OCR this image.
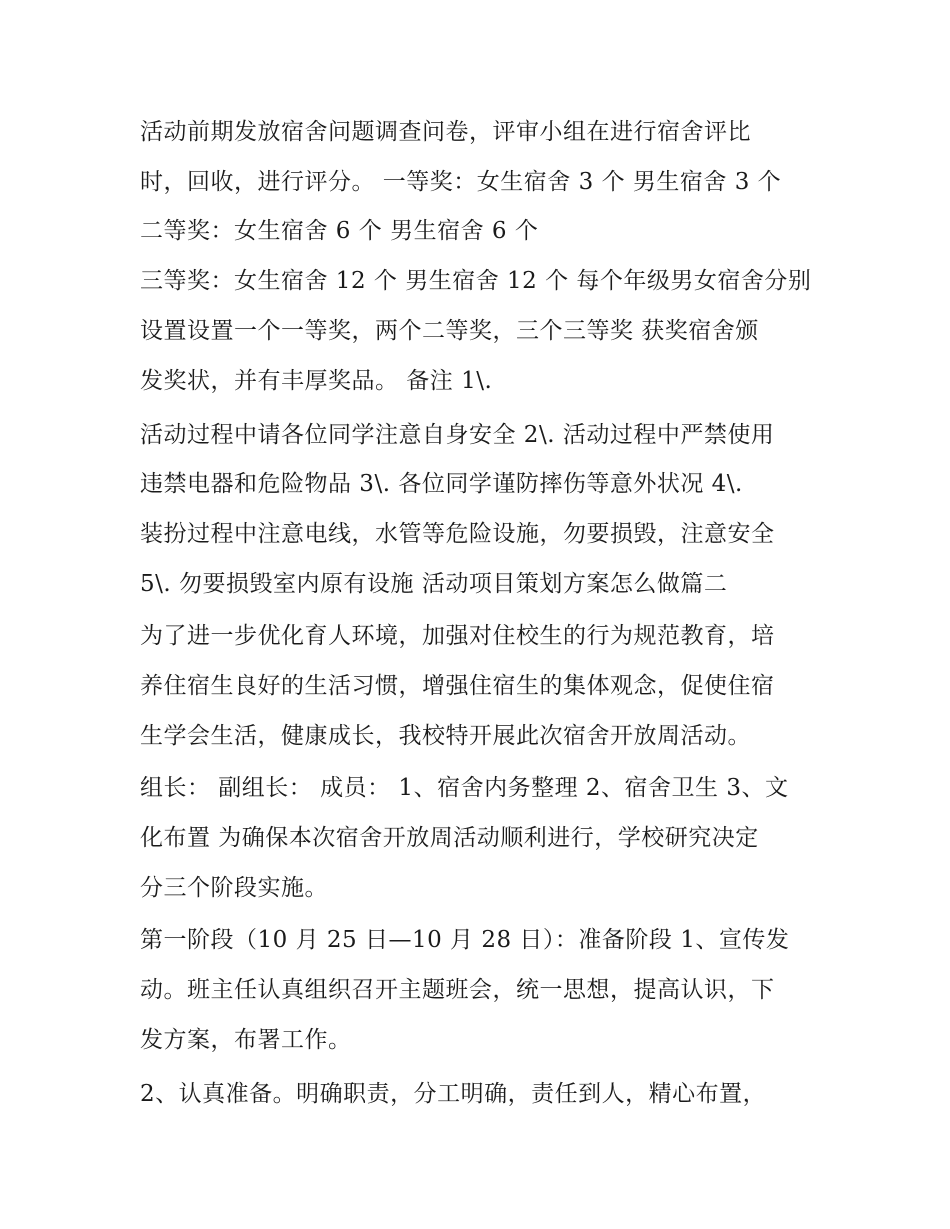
活动前期发放宿舍问题调查问卷，评审小组在进行宿舍评比
时，回收，进行评分。 一等奖：女生宿舍 3 个 男生宿舍 3 个
二等奖：女生宿舍 6 个 男生宿舍 6 个
三等奖：女生宿舍 12 个 男生宿舍 12 个 每个年级男女宿舍分别
设置设置一个一等奖，两个二等奖，三个三等奖 获奖宿舍颁
发奖状，并有丰厚奖品。 备注 1\.
活动过程中请各位同学注意自身安全 2\. 活动过程中严禁使用
违禁电器和危险物品 3\. 各位同学谨防摔伤等意外状况 4\.
装扮过程中注意电线，水管等危险设施，勿要损毁，注意安全
5\. 勿要损毁室内原有设施 活动项目策划方案怎么做篇二
为了进一步优化育人环境，加强对住校生的行为规范教育，培
养住宿生良好的生活习惯，增强住宿生的集体观念，促使住宿
生学会生活，健康成长，我校特开展此次宿舍开放周活动。
组长： 副组长： 成员： 1、宿舍内务整理 2、宿舍卫生 3、文
化布置 为确保本次宿舍开放周活动顺利进行，学校研究决定
分三个阶段实施。
第一阶段（10 月 25 日—10 月 28 日）：准备阶段 1、宣传发
动。班主任认真组织召开主题班会，统一思想，提高认识，下
发方案，布署工作。
2、认真准备。明确职责，分工明确，责任到人，精心布置，
